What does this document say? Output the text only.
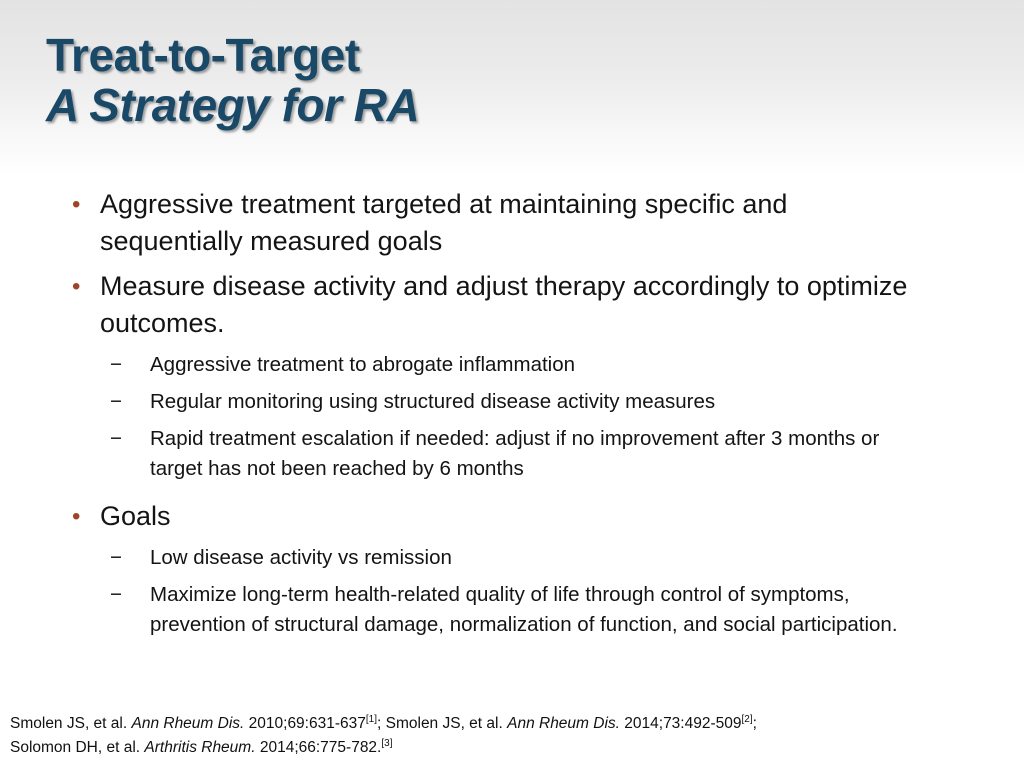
Treat-to-Target
A Strategy for RA
• Aggressive treatment targeted at maintaining specific and sequentially measured goals
• Measure disease activity and adjust therapy accordingly to optimize outcomes.
− Aggressive treatment to abrogate inflammation
− Regular monitoring using structured disease activity measures
− Rapid treatment escalation if needed: adjust if no improvement after 3 months or target has not been reached by 6 months
• Goals
− Low disease activity vs remission
− Maximize long-term health-related quality of life through control of symptoms, prevention of structural damage, normalization of function, and social participation.
Smolen JS, et al. Ann Rheum Dis. 2010;69:631-637[1]; Smolen JS, et al. Ann Rheum Dis. 2014;73:492-509[2];
Solomon DH, et al. Arthritis Rheum. 2014;66:775-782.[3]
